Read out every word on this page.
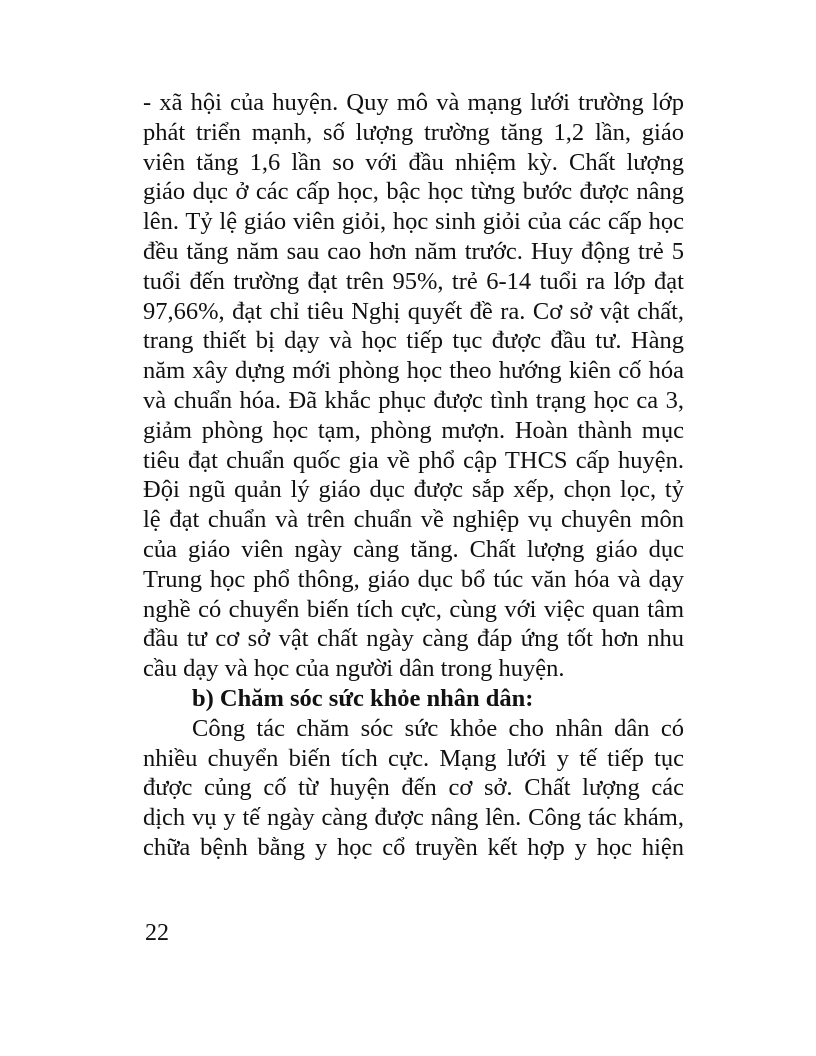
- xã hội của huyện. Quy mô và mạng lưới trường lớp
phát triển mạnh, số lượng trường tăng 1,2 lần, giáo
viên tăng 1,6 lần so với đầu nhiệm kỳ. Chất lượng
giáo dục ở các cấp học, bậc học từng bước được nâng
lên. Tỷ lệ giáo viên giỏi, học sinh giỏi của các cấp học
đều tăng năm sau cao hơn năm trước. Huy động trẻ 5
tuổi đến trường đạt trên 95%, trẻ 6-14 tuổi ra lớp đạt
97,66%, đạt chỉ tiêu Nghị quyết đề ra. Cơ sở vật chất,
trang thiết bị dạy và học tiếp tục được đầu tư. Hàng
năm xây dựng mới phòng học theo hướng kiên cố hóa
và chuẩn hóa. Đã khắc phục được tình trạng học ca 3,
giảm phòng học tạm, phòng mượn. Hoàn thành mục
tiêu đạt chuẩn quốc gia về phổ cập THCS cấp huyện.
Đội ngũ quản lý giáo dục được sắp xếp, chọn lọc, tỷ
lệ đạt chuẩn và trên chuẩn về nghiệp vụ chuyên môn
của giáo viên ngày càng tăng. Chất lượng giáo dục
Trung học phổ thông, giáo dục bổ túc văn hóa và dạy
nghề có chuyển biến tích cực, cùng với việc quan tâm
đầu tư cơ sở vật chất ngày càng đáp ứng tốt hơn nhu
cầu dạy và học của người dân trong huyện.
b) Chăm sóc sức khỏe nhân dân:
Công tác chăm sóc sức khỏe cho nhân dân có
nhiều chuyển biến tích cực. Mạng lưới y tế tiếp tục
được củng cố từ huyện đến cơ sở. Chất lượng các
dịch vụ y tế ngày càng được nâng lên. Công tác khám,
chữa bệnh bằng y học cổ truyền kết hợp y học hiện
22
